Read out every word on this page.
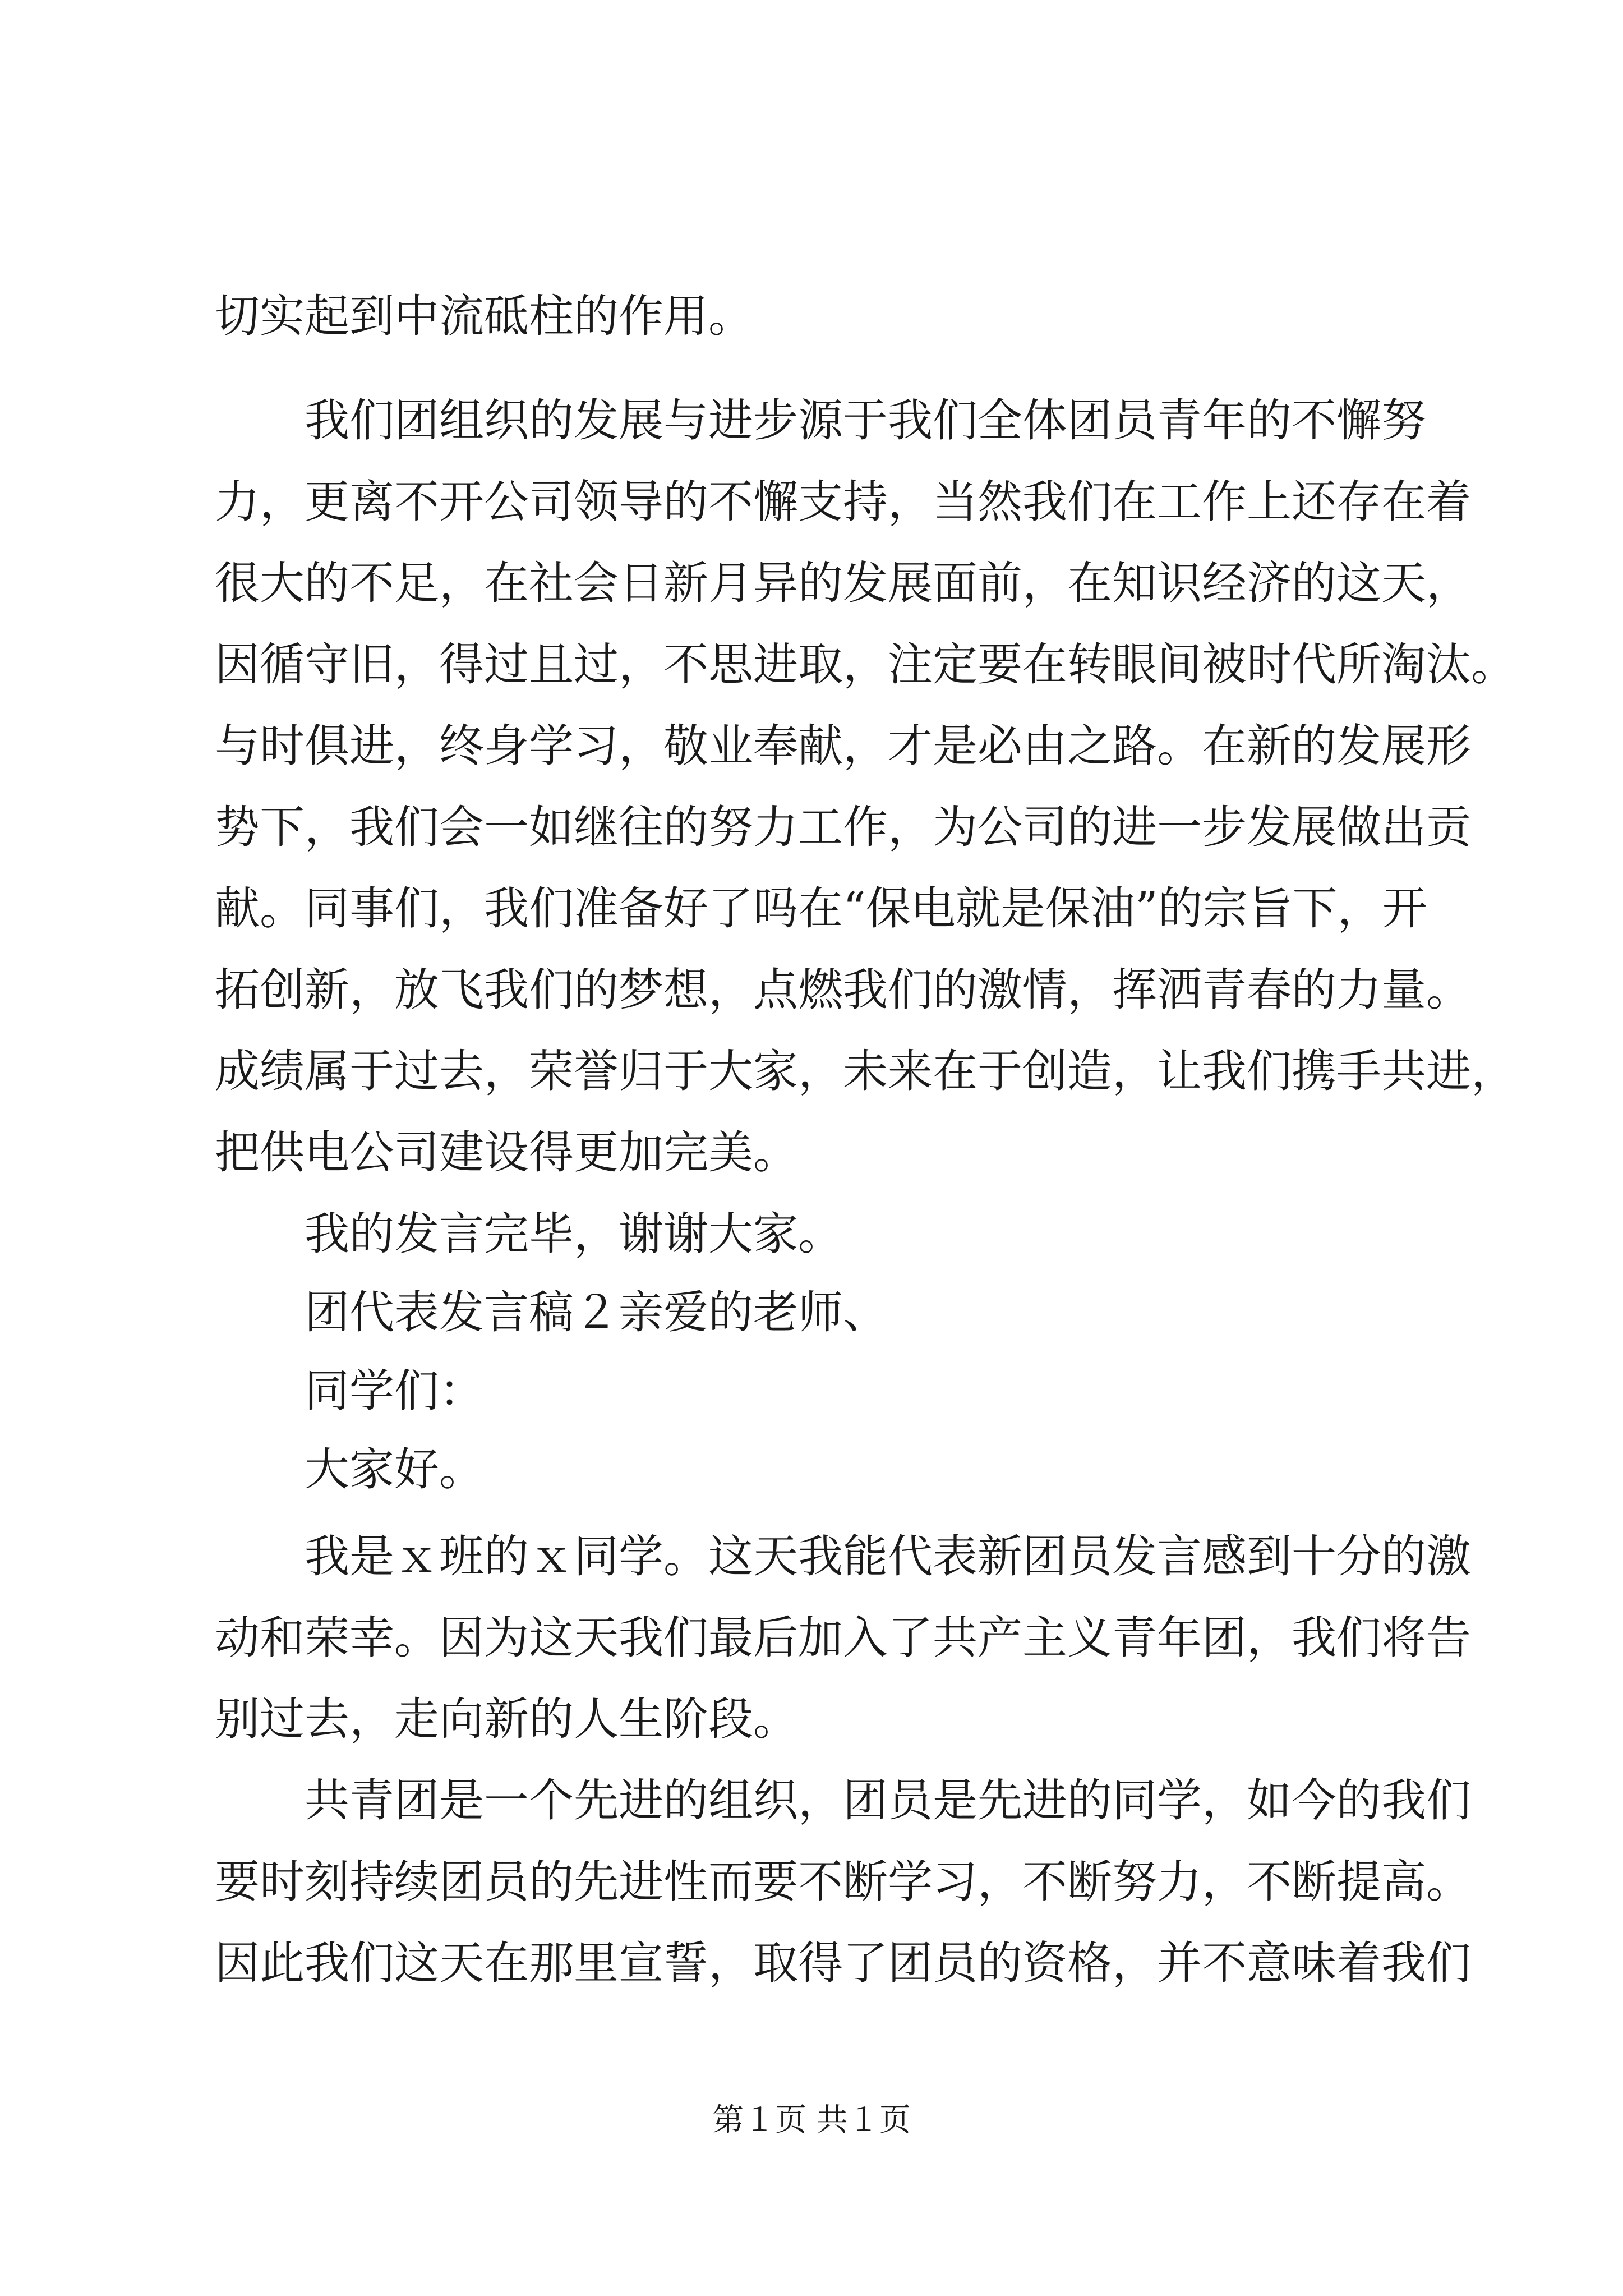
切实起到中流砥柱的作用。
我们团组织的发展与进步源于我们全体团员青年的不懈努
力，更离不开公司领导的不懈支持，当然我们在工作上还存在着
很大的不足，在社会日新月异的发展面前，在知识经济的这天，
因循守旧，得过且过，不思进取，注定要在转眼间被时代所淘汰。
与时俱进，终身学习，敬业奉献，才是必由之路。在新的发展形
势下，我们会一如继往的努力工作，为公司的进一步发展做出贡
献。同事们，我们准备好了吗在“保电就是保油”的宗旨下，开
拓创新，放飞我们的梦想，点燃我们的激情，挥洒青春的力量。
成绩属于过去，荣誉归于大家，未来在于创造，让我们携手共进，
把供电公司建设得更加完美。
我的发言完毕，谢谢大家。
团代表发言稿２亲爱的老师、
同学们：
大家好。
我是ｘ班的ｘ同学。这天我能代表新团员发言感到十分的激
动和荣幸。因为这天我们最后加入了共产主义青年团，我们将告
别过去，走向新的人生阶段。
共青团是一个先进的组织，团员是先进的同学，如今的我们
要时刻持续团员的先进性而要不断学习，不断努力，不断提高。
因此我们这天在那里宣誓，取得了团员的资格，并不意味着我们
第１页 共１页
